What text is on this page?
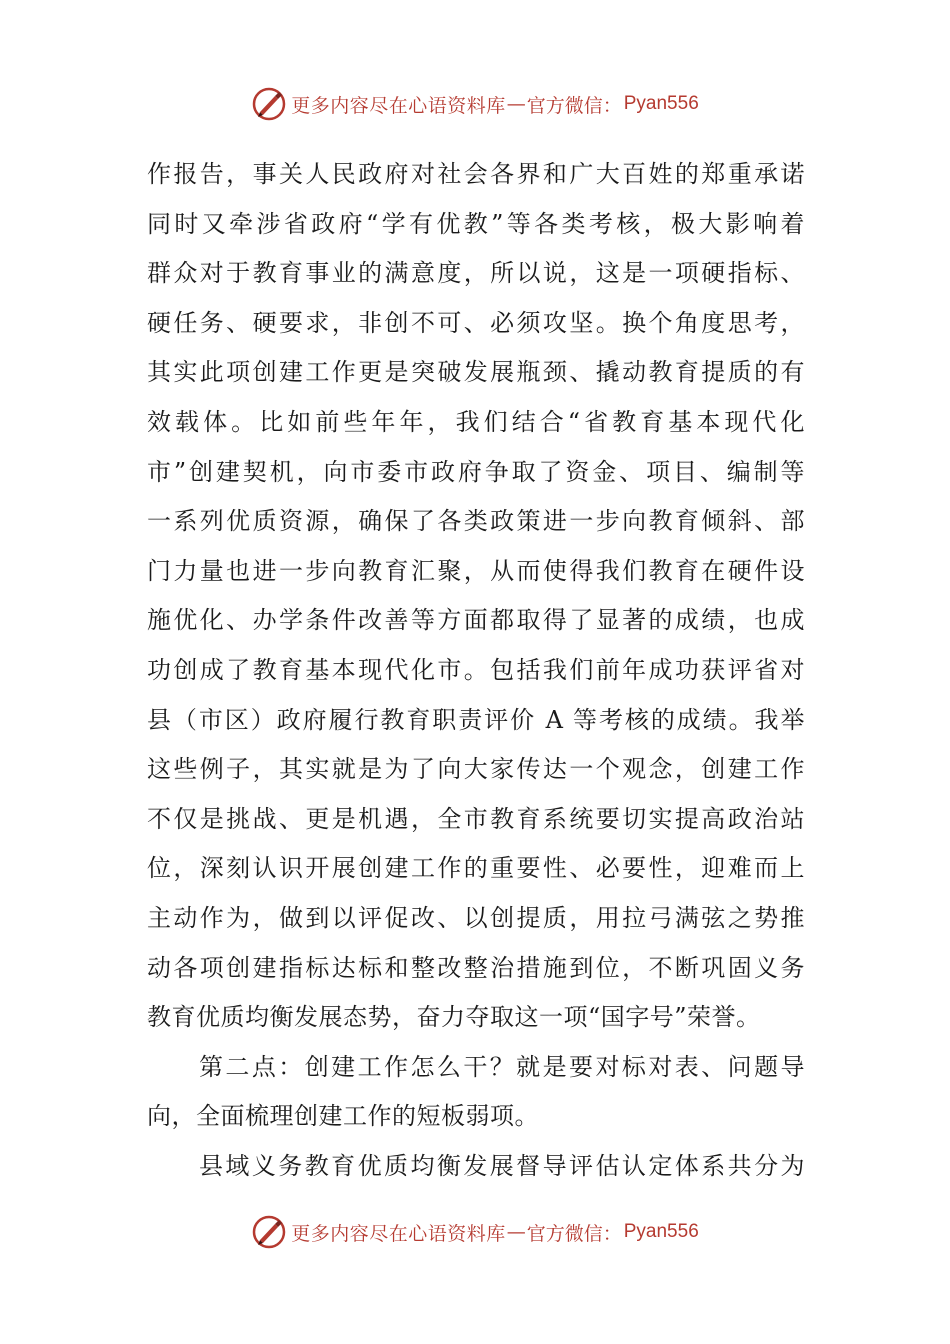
更多内容尽在心语资料库 — 官方微信： Pyan556
作报告，事关人民政府对社会各界和广大百姓的郑重承诺
同时又牵涉省政府“学有优教”等各类考核，极大影响着
群众对于教育事业的满意度，所以说，这是一项硬指标、
硬任务、硬要求，非创不可、必须攻坚。换个角度思考，
其实此项创建工作更是突破发展瓶颈、撬动教育提质的有
效载体。比如前些年年，我们结合“省教育基本现代化
市”创建契机，向市委市政府争取了资金、项目、编制等
一系列优质资源，确保了各类政策进一步向教育倾斜、部
门力量也进一步向教育汇聚，从而使得我们教育在硬件设
施优化、办学条件改善等方面都取得了显著的成绩，也成
功创成了教育基本现代化市。包括我们前年成功获评省对
县（市区）政府履行教育职责评价 A 等考核的成绩。我举
这些例子，其实就是为了向大家传达一个观念，创建工作
不仅是挑战、更是机遇，全市教育系统要切实提高政治站
位，深刻认识开展创建工作的重要性、必要性，迎难而上
主动作为，做到以评促改、以创提质，用拉弓满弦之势推
动各项创建指标达标和整改整治措施到位，不断巩固义务
教育优质均衡发展态势，奋力夺取这一项“国字号”荣誉。
第二点：创建工作怎么干？就是要对标对表、问题导
向，全面梳理创建工作的短板弱项。
县域义务教育优质均衡发展督导评估认定体系共分为
更多内容尽在心语资料库 — 官方微信： Pyan556
